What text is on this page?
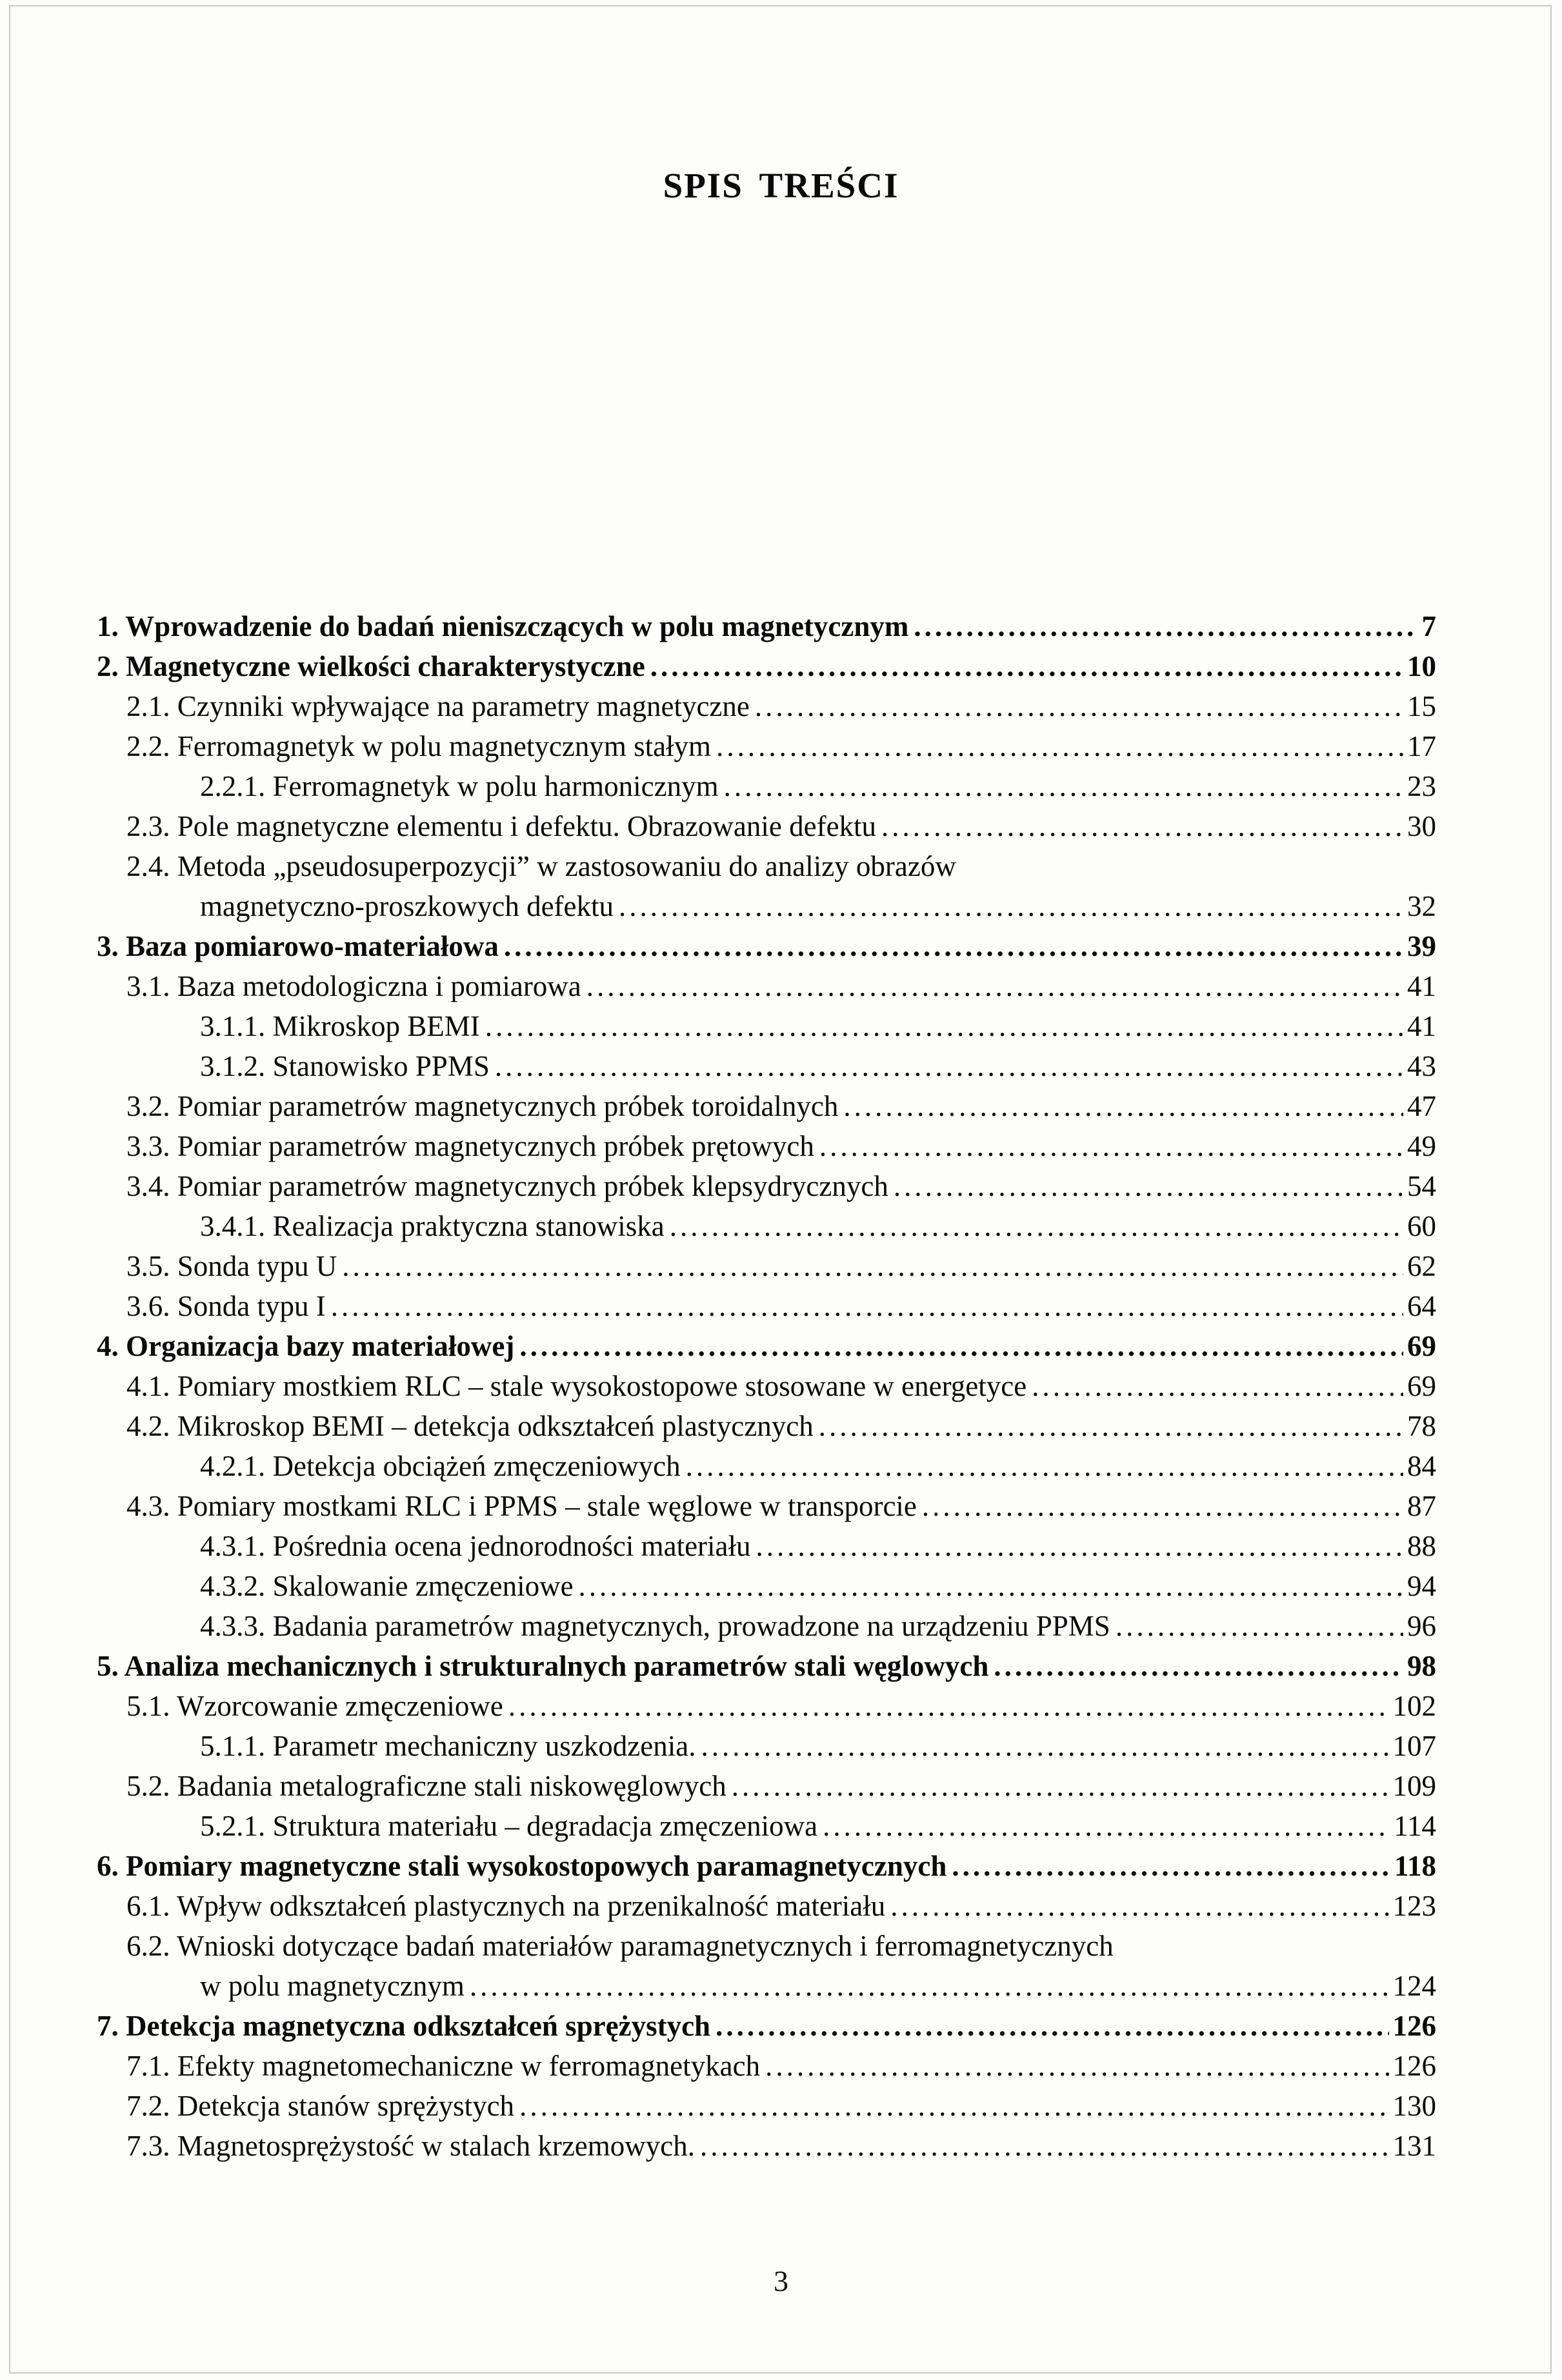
SPIS TREŚCI
1. Wprowadzenie do badań nieniszczących w polu magnetycznym .....	7
2. Magnetyczne wielkości charakterystyczne .....	10
2.1. Czynniki wpływające na parametry magnetyczne .....	15
2.2. Ferromagnetyk w polu magnetycznym stałym .....	17
2.2.1. Ferromagnetyk w polu harmonicznym .....	23
2.3. Pole magnetyczne elementu i defektu. Obrazowanie defektu .....	30
2.4. Metoda „pseudosuperpozycji” w zastosowaniu do analizy obrazów
magnetyczno-proszkowych defektu .....	32
3. Baza pomiarowo-materiałowa .....	39
3.1. Baza metodologiczna i pomiarowa .....	41
3.1.1. Mikroskop BEMI .....	41
3.1.2. Stanowisko PPMS .....	43
3.2. Pomiar parametrów magnetycznych próbek toroidalnych .....	47
3.3. Pomiar parametrów magnetycznych próbek prętowych .....	49
3.4. Pomiar parametrów magnetycznych próbek klepsydrycznych .....	54
3.4.1. Realizacja praktyczna stanowiska .....	60
3.5. Sonda typu U .....	62
3.6. Sonda typu I .....	64
4. Organizacja bazy materiałowej .....	69
4.1. Pomiary mostkiem RLC – stale wysokostopowe stosowane w energetyce .....	69
4.2. Mikroskop BEMI – detekcja odkształceń plastycznych .....	78
4.2.1. Detekcja obciążeń zmęczeniowych .....	84
4.3. Pomiary mostkami RLC i PPMS – stale węglowe w transporcie .....	87
4.3.1. Pośrednia ocena jednorodności materiału .....	88
4.3.2. Skalowanie zmęczeniowe .....	94
4.3.3. Badania parametrów magnetycznych, prowadzone na urządzeniu PPMS .....	96
5. Analiza mechanicznych i strukturalnych parametrów stali węglowych .....	98
5.1. Wzorcowanie zmęczeniowe .....	102
5.1.1. Parametr mechaniczny uszkodzenia. .....	107
5.2. Badania metalograficzne stali niskowęglowych .....	109
5.2.1. Struktura materiału – degradacja zmęczeniowa .....	114
6. Pomiary magnetyczne stali wysokostopowych paramagnetycznych .....	118
6.1. Wpływ odkształceń plastycznych na przenikalność materiału .....	123
6.2. Wnioski dotyczące badań materiałów paramagnetycznych i ferromagnetycznych
w polu magnetycznym .....	124
7. Detekcja magnetyczna odkształceń sprężystych .....	126
7.1. Efekty magnetomechaniczne w ferromagnetykach .....	126
7.2. Detekcja stanów sprężystych .....	130
7.3. Magnetosprężystość w stalach krzemowych. .....	131
3
